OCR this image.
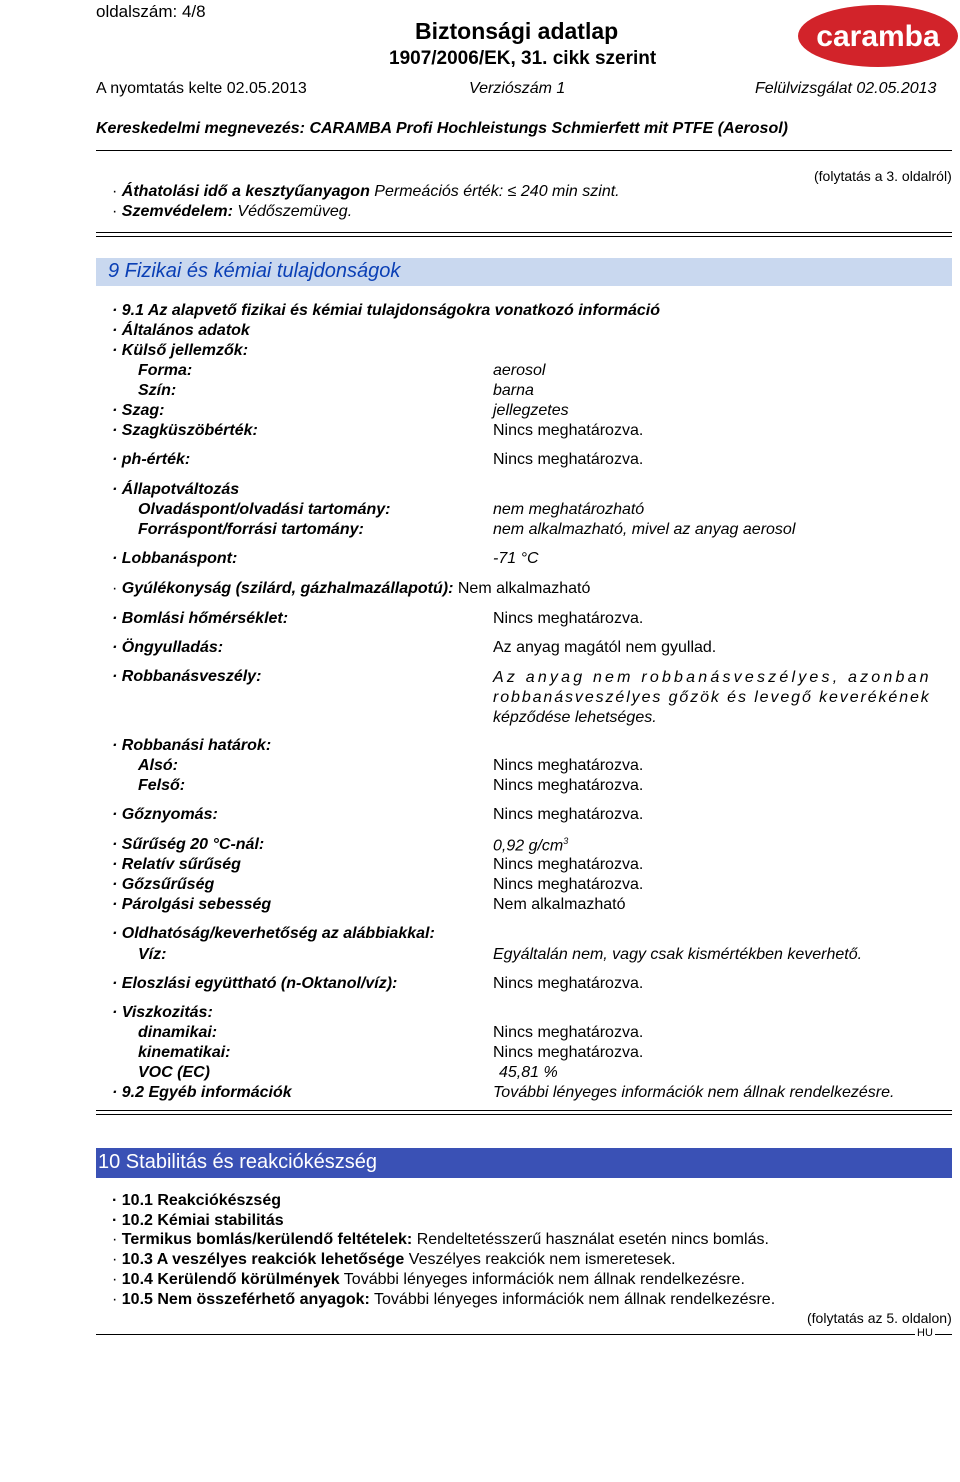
oldalszám: 4/8
Biztonsági adatlap
1907/2006/EK, 31. cikk szerint
caramba
A nyomtatás kelte 02.05.2013	Verziószám 1	Felülvizsgálat 02.05.2013
Kereskedelmi megnevezés: CARAMBA Profi Hochleistungs Schmierfett mit PTFE (Aerosol)
(folytatás a 3. oldalról)
· Áthatolási idő a kesztyűanyagon Permeációs érték: ≤ 240 min szint.
· Szemvédelem: Védőszemüveg.
9 Fizikai és kémiai tulajdonságok
· 9.1 Az alapvető fizikai és kémiai tulajdonságokra vonatkozó információ
· Általános adatok
· Külső jellemzők:
Forma:	aerosol
Szín:	barna
· Szag:	jellegzetes
· Szagküszöbérték:	Nincs meghatározva.
· ph-érték:	Nincs meghatározva.
· Állapotváltozás
Olvadáspont/olvadási tartomány:	nem meghatározható
Forráspont/forrási tartomány:	nem alkalmazható, mivel az anyag aerosol
· Lobbanáspont:	-71 °C
· Gyúlékonyság (szilárd, gázhalmazállapotú): Nem alkalmazható
· Bomlási hőmérséklet:	Nincs meghatározva.
· Öngyulladás:	Az anyag magától nem gyullad.
· Robbanásveszély:	Az anyag nem robbanásveszélyes, azonban
robbanásveszélyes gőzök és levegő keverékének
képződése lehetséges.
· Robbanási határok:
Alsó:	Nincs meghatározva.
Felső:	Nincs meghatározva.
· Gőznyomás:	Nincs meghatározva.
· Sűrűség 20 °C-nál:	0,92 $g/cm^3$
· Relatív sűrűség	Nincs meghatározva.
· Gőzsűrűség	Nincs meghatározva.
· Párolgási sebesség	Nem alkalmazható
· Oldhatóság/keverhetőség az alábbiakkal:
Víz:	Egyáltalán nem, vagy csak kismértékben keverhető.
· Eloszlási együttható (n-Oktanol/víz):	Nincs meghatározva.
· Viszkozitás:
dinamikai:	Nincs meghatározva.
kinematikai:	Nincs meghatározva.
VOC (EC)	45,81 %
· 9.2 Egyéb információk	További lényeges információk nem állnak rendelkezésre.
10 Stabilitás és reakciókészség
· 10.1 Reakciókészség
· 10.2 Kémiai stabilitás
· Termikus bomlás/kerülendő feltételek: Rendeltetésszerű használat esetén nincs bomlás.
· 10.3 A veszélyes reakciók lehetősége Veszélyes reakciók nem ismeretesek.
· 10.4 Kerülendő körülmények További lényeges információk nem állnak rendelkezésre.
· 10.5 Nem összeférhető anyagok: További lényeges információk nem állnak rendelkezésre.
(folytatás az 5. oldalon)
HU
